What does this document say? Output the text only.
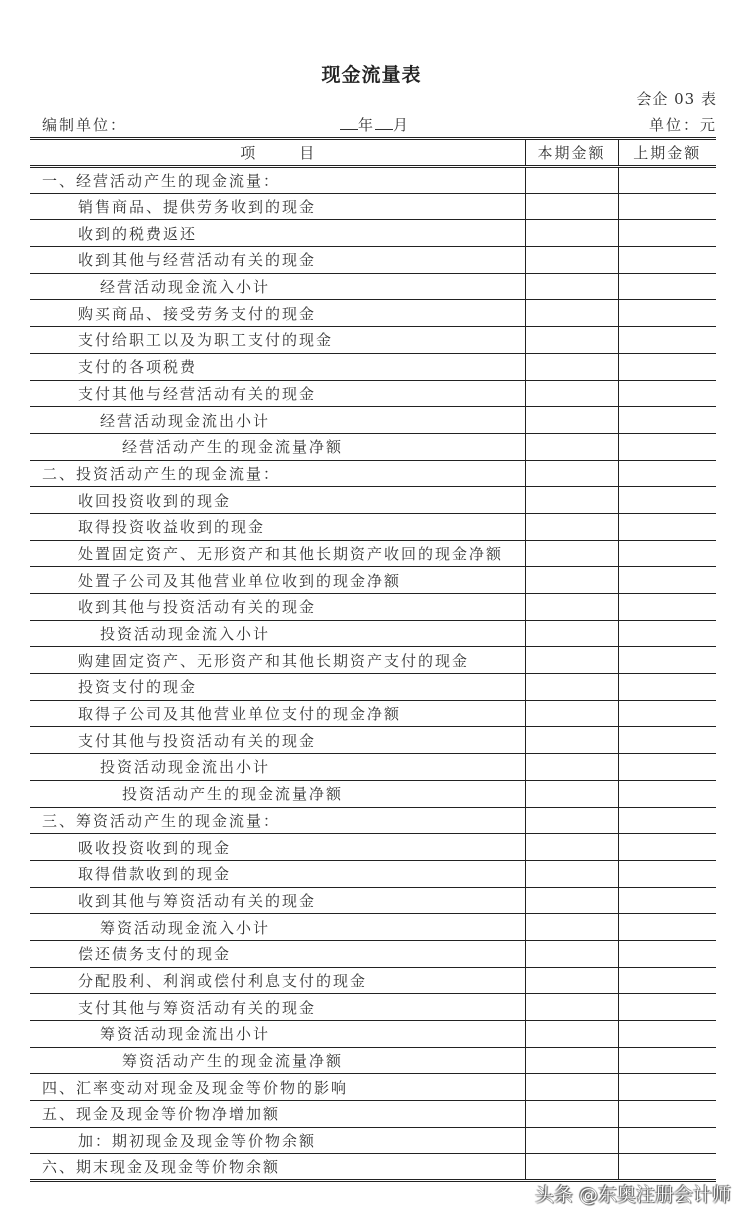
现金流量表
会企 03 表
编制单位：	年 月	单位：元
项 目	本期金额	上期金额
一、经营活动产生的现金流量：		
销售商品、提供劳务收到的现金		
收到的税费返还		
收到其他与经营活动有关的现金		
经营活动现金流入小计		
购买商品、接受劳务支付的现金		
支付给职工以及为职工支付的现金		
支付的各项税费		
支付其他与经营活动有关的现金		
经营活动现金流出小计		
经营活动产生的现金流量净额		
二、投资活动产生的现金流量：		
收回投资收到的现金		
取得投资收益收到的现金		
处置固定资产、无形资产和其他长期资产收回的现金净额		
处置子公司及其他营业单位收到的现金净额		
收到其他与投资活动有关的现金		
投资活动现金流入小计		
购建固定资产、无形资产和其他长期资产支付的现金		
投资支付的现金		
取得子公司及其他营业单位支付的现金净额		
支付其他与投资活动有关的现金		
投资活动现金流出小计		
投资活动产生的现金流量净额		
三、筹资活动产生的现金流量：		
吸收投资收到的现金		
取得借款收到的现金		
收到其他与筹资活动有关的现金		
筹资活动现金流入小计		
偿还债务支付的现金		
分配股利、利润或偿付利息支付的现金		
支付其他与筹资活动有关的现金		
筹资活动现金流出小计		
筹资活动产生的现金流量净额		
四、汇率变动对现金及现金等价物的影响		
五、现金及现金等价物净增加额		
加：期初现金及现金等价物余额		
六、期末现金及现金等价物余额		
头条 @东奥注册会计师
